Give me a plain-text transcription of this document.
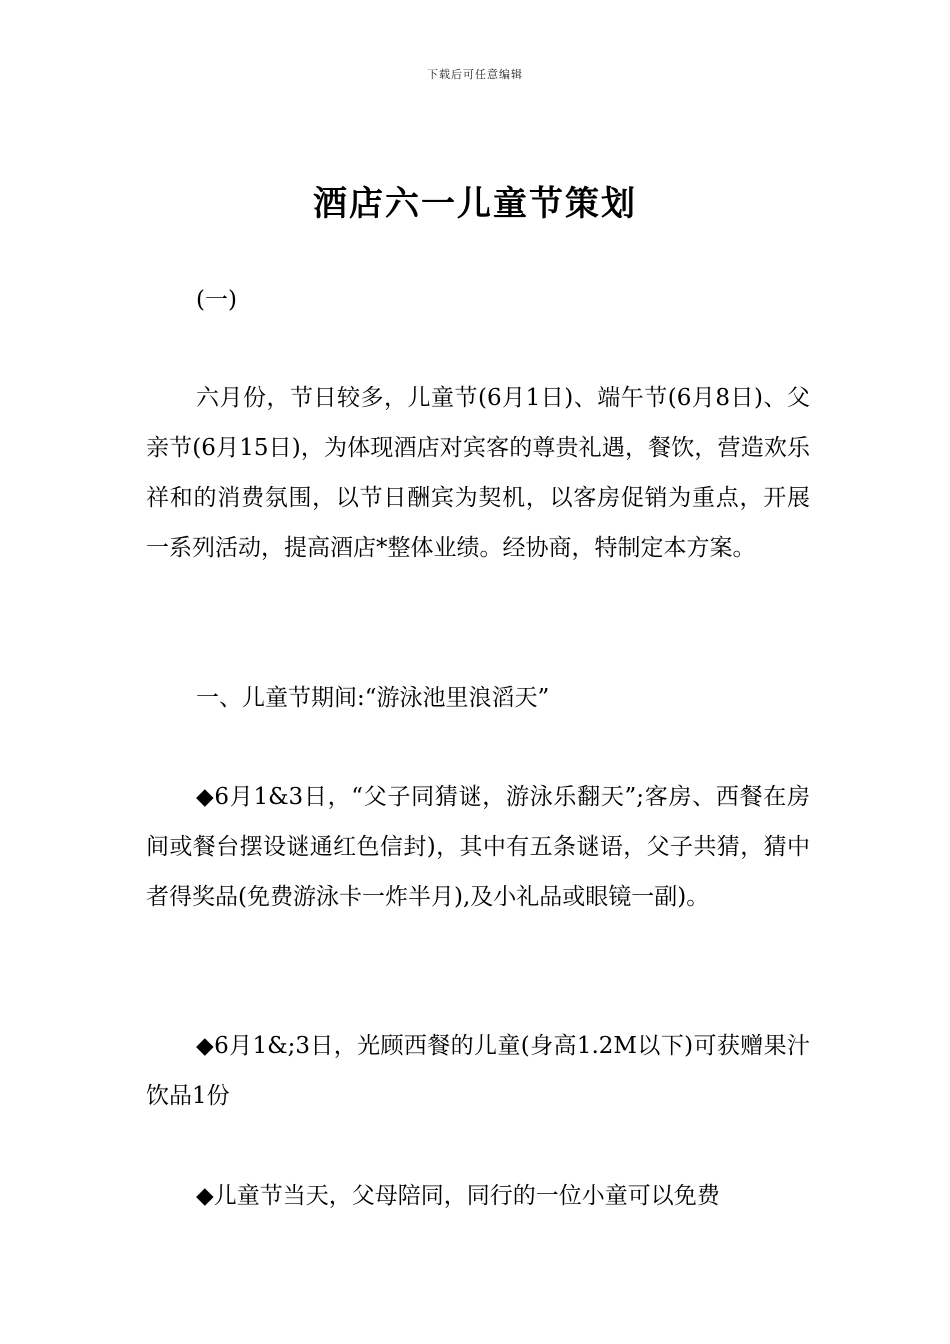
下载后可任意编辑
酒店六一儿童节策划

(一)

六月份，节日较多，儿童节(6月1日)、端午节(6月8日)、父亲节(6月15日)，为体现酒店对宾客的尊贵礼遇，餐饮，营造欢乐祥和的消费氛围，以节日酬宾为契机，以客房促销为重点，开展一系列活动，提高酒店*整体业绩。经协商，特制定本方案。

一、儿童节期间:“游泳池里浪滔天”

◆6月1&3日，“父子同猜谜，游泳乐翻天”;客房、西餐在房间或餐台摆设谜通红色信封)，其中有五条谜语，父子共猜，猜中者得奖品(免费游泳卡一炸半月),及小礼品或眼镜一副)。

◆6月1&;3日，光顾西餐的儿童(身高1.2M以下)可获赠果汁饮品1份

◆儿童节当天，父母陪同，同行的一位小童可以免费
